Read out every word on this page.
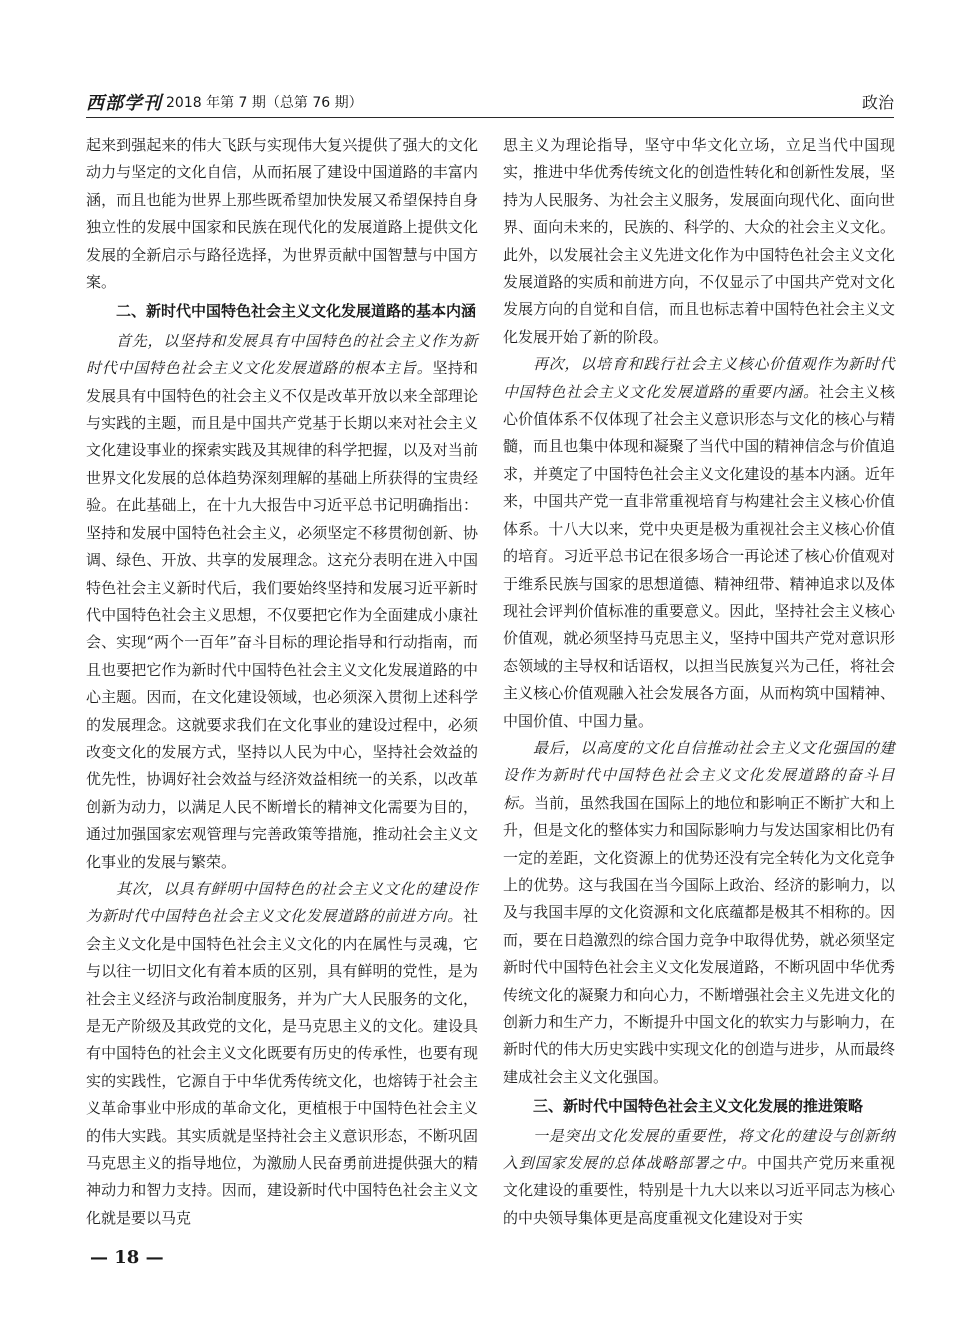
西部学刊 2018 年第 7 期（总第 76 期）	政治

起来到强起来的伟大飞跃与实现伟大复兴提供了强大的文化动力与坚定的文化自信，从而拓展了建设中国道路的丰富内涵，而且也能为世界上那些既希望加快发展又希望保持自身独立性的发展中国家和民族在现代化的发展道路上提供文化发展的全新启示与路径选择，为世界贡献中国智慧与中国方案。

二、新时代中国特色社会主义文化发展道路的基本内涵

首先，以坚持和发展具有中国特色的社会主义作为新时代中国特色社会主义文化发展道路的根本主旨。坚持和发展具有中国特色的社会主义不仅是改革开放以来全部理论与实践的主题，而且是中国共产党基于长期以来对社会主义文化建设事业的探索实践及其规律的科学把握，以及对当前世界文化发展的总体趋势深刻理解的基础上所获得的宝贵经验。在此基础上，在十九大报告中习近平总书记明确指出：坚持和发展中国特色社会主义，必须坚定不移贯彻创新、协调、绿色、开放、共享的发展理念。这充分表明在进入中国特色社会主义新时代后，我们要始终坚持和发展习近平新时代中国特色社会主义思想，不仅要把它作为全面建成小康社会、实现“两个一百年”奋斗目标的理论指导和行动指南，而且也要把它作为新时代中国特色社会主义文化发展道路的中心主题。因而，在文化建设领域，也必须深入贯彻上述科学的发展理念。这就要求我们在文化事业的建设过程中，必须改变文化的发展方式，坚持以人民为中心，坚持社会效益的优先性，协调好社会效益与经济效益相统一的关系，以改革创新为动力，以满足人民不断增长的精神文化需要为目的，通过加强国家宏观管理与完善政策等措施，推动社会主义文化事业的发展与繁荣。

其次，以具有鲜明中国特色的社会主义文化的建设作为新时代中国特色社会主义文化发展道路的前进方向。社会主义文化是中国特色社会主义文化的内在属性与灵魂，它与以往一切旧文化有着本质的区别，具有鲜明的党性，是为社会主义经济与政治制度服务，并为广大人民服务的文化，是无产阶级及其政党的文化，是马克思主义的文化。建设具有中国特色的社会主义文化既要有历史的传承性，也要有现实的实践性，它源自于中华优秀传统文化，也熔铸于社会主义革命事业中形成的革命文化，更植根于中国特色社会主义的伟大实践。其实质就是坚持社会主义意识形态，不断巩固马克思主义的指导地位，为激励人民奋勇前进提供强大的精神动力和智力支持。因而，建设新时代中国特色社会主义文化就是要以马克

思主义为理论指导，坚守中华文化立场，立足当代中国现实，推进中华优秀传统文化的创造性转化和创新性发展，坚持为人民服务、为社会主义服务，发展面向现代化、面向世界、面向未来的，民族的、科学的、大众的社会主义文化。此外，以发展社会主义先进文化作为中国特色社会主义文化发展道路的实质和前进方向，不仅显示了中国共产党对文化发展方向的自觉和自信，而且也标志着中国特色社会主义文化发展开始了新的阶段。

再次，以培育和践行社会主义核心价值观作为新时代中国特色社会主义文化发展道路的重要内涵。社会主义核心价值体系不仅体现了社会主义意识形态与文化的核心与精髓，而且也集中体现和凝聚了当代中国的精神信念与价值追求，并奠定了中国特色社会主义文化建设的基本内涵。近年来，中国共产党一直非常重视培育与构建社会主义核心价值体系。十八大以来，党中央更是极为重视社会主义核心价值的培育。习近平总书记在很多场合一再论述了核心价值观对于维系民族与国家的思想道德、精神纽带、精神追求以及体现社会评判价值标准的重要意义。因此，坚持社会主义核心价值观，就必须坚持马克思主义，坚持中国共产党对意识形态领域的主导权和话语权，以担当民族复兴为己任，将社会主义核心价值观融入社会发展各方面，从而构筑中国精神、中国价值、中国力量。

最后，以高度的文化自信推动社会主义文化强国的建设作为新时代中国特色社会主义文化发展道路的奋斗目标。当前，虽然我国在国际上的地位和影响正不断扩大和上升，但是文化的整体实力和国际影响力与发达国家相比仍有一定的差距，文化资源上的优势还没有完全转化为文化竞争上的优势。这与我国在当今国际上政治、经济的影响力，以及与我国丰厚的文化资源和文化底蕴都是极其不相称的。因而，要在日趋激烈的综合国力竞争中取得优势，就必须坚定新时代中国特色社会主义文化发展道路，不断巩固中华优秀传统文化的凝聚力和向心力，不断增强社会主义先进文化的创新力和生产力，不断提升中国文化的软实力与影响力，在新时代的伟大历史实践中实现文化的创造与进步，从而最终建成社会主义文化强国。

三、新时代中国特色社会主义文化发展的推进策略

一是突出文化发展的重要性，将文化的建设与创新纳入到国家发展的总体战略部署之中。中国共产党历来重视文化建设的重要性，特别是十九大以来以习近平同志为核心的中央领导集体更是高度重视文化建设对于实

— 18 —
